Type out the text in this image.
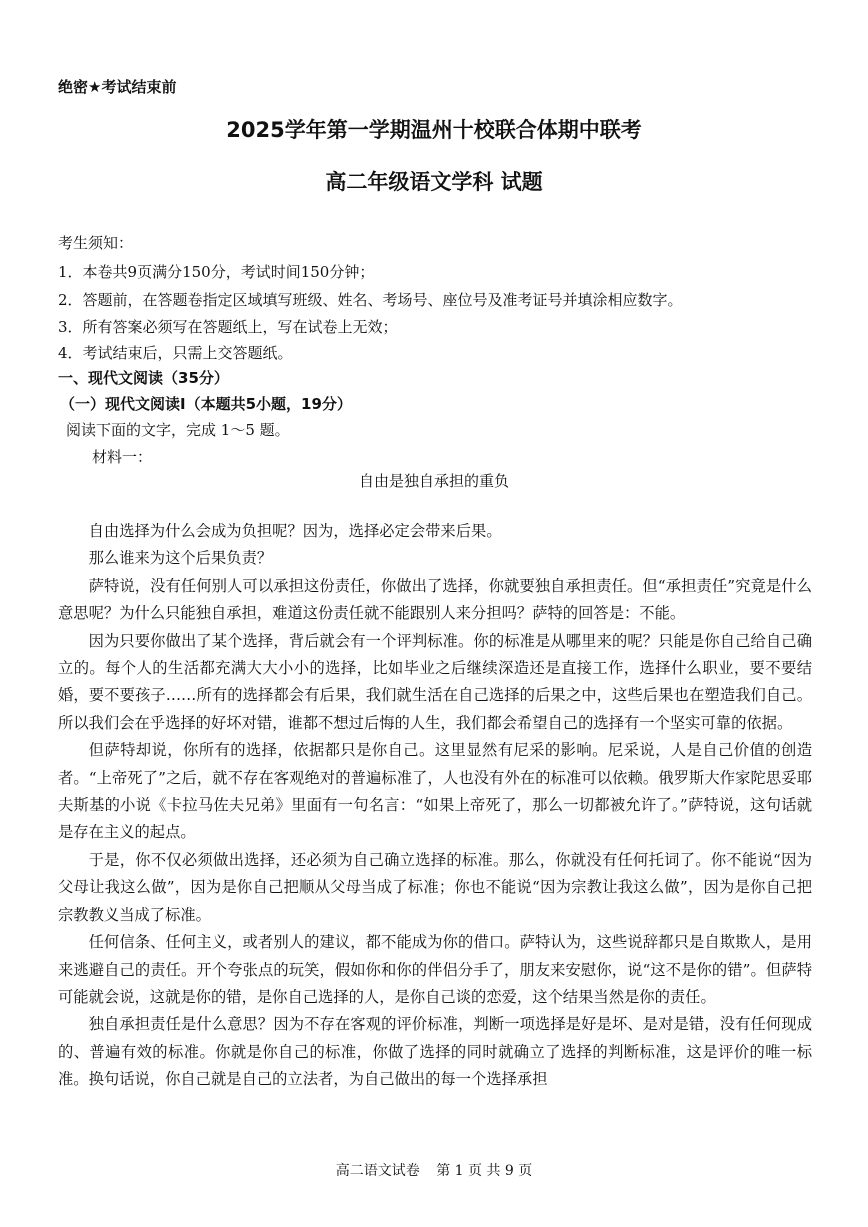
绝密★考试结束前
2025学年第一学期温州十校联合体期中联考
高二年级语文学科 试题
考生须知：
1．本卷共9页满分150分，考试时间150分钟；
2．答题前，在答题卷指定区域填写班级、姓名、考场号、座位号及准考证号并填涂相应数字。
3．所有答案必须写在答题纸上，写在试卷上无效；
4．考试结束后，只需上交答题纸。
一、现代文阅读（35分）
（一）现代文阅读Ⅰ（本题共5小题，19分）
阅读下面的文字，完成 1～5 题。
材料一：
自由是独自承担的重负

自由选择为什么会成为负担呢？因为，选择必定会带来后果。

那么谁来为这个后果负责？

萨特说，没有任何别人可以承担这份责任，你做出了选择，你就要独自承担责任。但“承担责任”究竟是什么意思呢？为什么只能独自承担，难道这份责任就不能跟别人来分担吗？萨特的回答是：不能。

因为只要你做出了某个选择，背后就会有一个评判标准。你的标准是从哪里来的呢？只能是你自己给自己确立的。每个人的生活都充满大大小小的选择，比如毕业之后继续深造还是直接工作，选择什么职业，要不要结婚，要不要孩子……所有的选择都会有后果，我们就生活在自己选择的后果之中，这些后果也在塑造我们自己。所以我们会在乎选择的好坏对错，谁都不想过后悔的人生，我们都会希望自己的选择有一个坚实可靠的依据。

但萨特却说，你所有的选择，依据都只是你自己。这里显然有尼采的影响。尼采说，人是自己价值的创造者。“上帝死了”之后，就不存在客观绝对的普遍标准了，人也没有外在的标准可以依赖。俄罗斯大作家陀思妥耶夫斯基的小说《卡拉马佐夫兄弟》里面有一句名言：“如果上帝死了，那么一切都被允许了。”萨特说，这句话就是存在主义的起点。

于是，你不仅必须做出选择，还必须为自己确立选择的标准。那么，你就没有任何托词了。你不能说“因为父母让我这么做”，因为是你自己把顺从父母当成了标准；你也不能说“因为宗教让我这么做”，因为是你自己把宗教教义当成了标准。

任何信条、任何主义，或者别人的建议，都不能成为你的借口。萨特认为，这些说辞都只是自欺欺人，是用来逃避自己的责任。开个夸张点的玩笑，假如你和你的伴侣分手了，朋友来安慰你，说“这不是你的错”。但萨特可能就会说，这就是你的错，是你自己选择的人，是你自己谈的恋爱，这个结果当然是你的责任。

独自承担责任是什么意思？因为不存在客观的评价标准，判断一项选择是好是坏、是对是错，没有任何现成的、普遍有效的标准。你就是你自己的标准，你做了选择的同时就确立了选择的判断标准，这是评价的唯一标准。换句话说，你自己就是自己的立法者，为自己做出的每一个选择承担

高二语文试卷 第 1 页 共 9 页
